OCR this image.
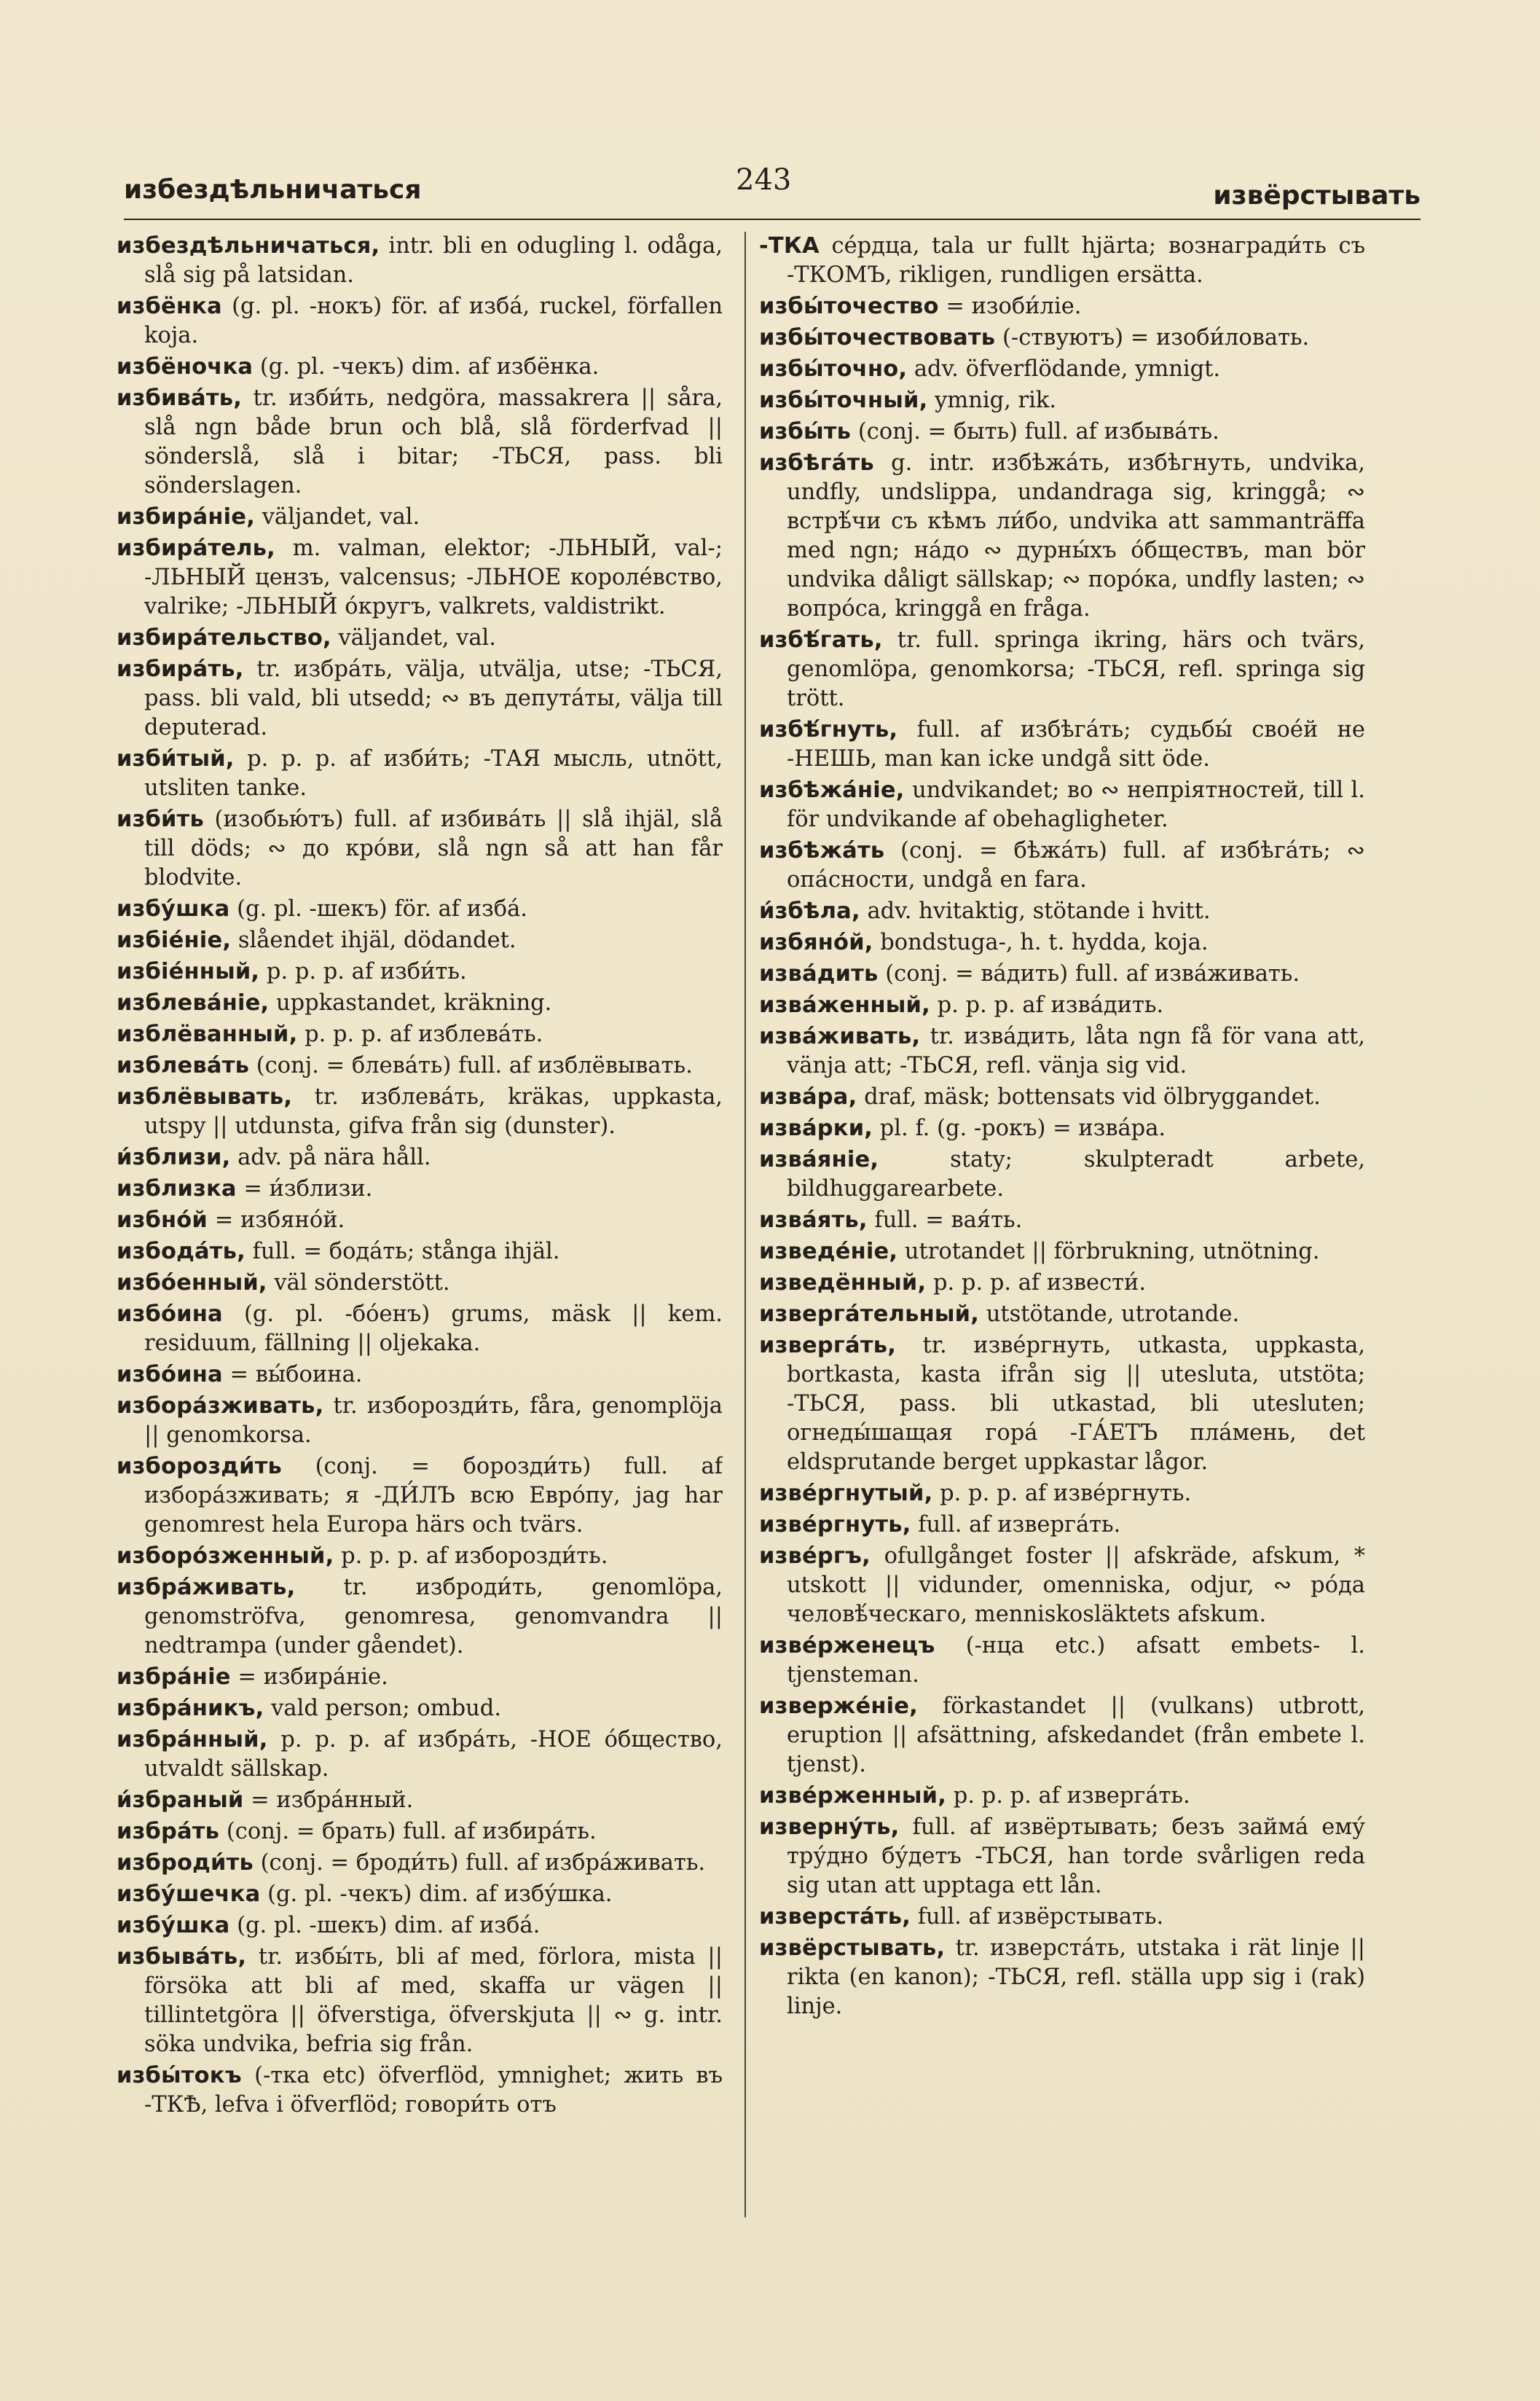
избездѣльничаться	243	извёрстывать

избездѣльничаться, intr. bli en odugling l. odåga, slå sig på latsidan.

избёнка (g. pl. -нокъ) för. af изба́, ruckel, förfallen koja.

избёночка (g. pl. -чекъ) dim. af избёнка.

избива́ть, tr. изби́ть, nedgöra, massakrera || såra, slå ngn både brun och blå, slå förderfvad || sönderslå, slå i bitar; -ТЬСЯ, pass. bli sönderslagen.

избира́ніе, väljandet, val.

избира́тель, m. valman, elektor; -ЛЬНЫЙ, val-; -ЛЬНЫЙ цензъ, valcensus; -ЛЬНОЕ короле́вство, valrike; -ЛЬНЫЙ о́кругъ, valkrets, valdistrikt.

избира́тельство, väljandet, val.

избира́ть, tr. избра́ть, välja, utvälja, utse; -ТЬСЯ, pass. bli vald, bli utsedd; ∾ въ депута́ты, välja till deputerad.

изби́тый, p. p. p. af изби́ть; -ТАЯ мысль, utnött, utsliten tanke.

изби́ть (изобью́тъ) full. af избива́ть || slå ihjäl, slå till döds; ∾ до кро́ви, slå ngn så att han får blodvite.

избу́шка (g. pl. -шекъ) för. af изба́.

избіе́ніе, slåendet ihjäl, dödandet.

избіе́нный, p. p. p. af изби́ть.

изблева́ніе, uppkastandet, kräkning.

изблёванный, p. p. p. af изблева́ть.

изблева́ть (conj. = блева́ть) full. af изблёвывать.

изблёвывать, tr. изблева́ть, kräkas, uppkasta, utspy || utdunsta, gifva från sig (dunster).

и́зблизи, adv. på nära håll.

изблизка = и́зблизи.

избно́й = избяно́й.

избода́ть, full. = бода́ть; stånga ihjäl.

избо́енный, väl sönderstött.

избо́ина (g. pl. -бо́енъ) grums, mäsk || kem. residuum, fällning || oljekaka.

избо́ина = вы́боина.

избора́зживать, tr. изборозди́ть, fåra, genomplöja || genomkorsa.

изборозди́ть (conj. = борозди́ть) full. af избора́зживать; я -ДИ́ЛЪ всю Евро́пу, jag har genomrest hela Europa härs och tvärs.

изборо́зженный, p. p. p. af изборозди́ть.

избра́живать, tr. изброди́ть, genomlöpa, genomströfva, genomresa, genomvandra || nedtrampa (under gåendet).

избра́ніе = избира́ніе.

избра́никъ, vald person; ombud.

избра́нный, p. p. p. af избра́ть, -НОЕ о́бщество, utvaldt sällskap.

и́збраный = избра́нный.

избра́ть (conj. = брать) full. af избира́ть.

изброди́ть (conj. = броди́ть) full. af избра́живать.

избу́шечка (g. pl. -чекъ) dim. af избу́шка.

избу́шка (g. pl. -шекъ) dim. af изба́.

избыва́ть, tr. избы́ть, bli af med, förlora, mista || försöka att bli af med, skaffa ur vägen || tillintetgöra || öfverstiga, öfverskjuta || ∾ g. intr. söka undvika, befria sig från.

избы́токъ (-тка etc) öfverflöd, ymnighet; жить въ -ТКѢ, lefva i öfverflöd; говори́ть отъ

-ТКА се́рдца, tala ur fullt hjärta; вознагради́ть съ -ТКОМЪ, rikligen, rundligen ersätta.

избы́точество = изоби́ліе.

избы́точествовать (-ствуютъ) = изоби́ловать.

избы́точно, adv. öfverflödande, ymnigt.

избы́точный, ymnig, rik.

избы́ть (conj. = быть) full. af избыва́ть.

избѣга́ть g. intr. избѣжа́ть, избѣгнуть, undvika, undfly, undslippa, undandraga sig, kringgå; ∾ встрѣ́чи съ кѣмъ ли́бо, undvika att sammanträffa med ngn; на́до ∾ дурны́хъ о́бществъ, man bör undvika dåligt sällskap; ∾ поро́ка, undfly lasten; ∾ вопро́са, kringgå en fråga.

избѣ́гать, tr. full. springa ikring, härs och tvärs, genomlöpa, genomkorsa; -ТЬСЯ, refl. springa sig trött.

избѣ́гнуть, full. af избѣга́ть; судьбы́ свое́й не -НЕШЬ, man kan icke undgå sitt öde.

избѣжа́ніе, undvikandet; во ∾ непріятностей, till l. för undvikande af obehagligheter.

избѣжа́ть (conj. = бѣжа́ть) full. af избѣга́ть; ∾ опа́сности, undgå en fara.

и́збѣла, adv. hvitaktig, stötande i hvitt.

избяно́й, bondstuga-, h. t. hydda, koja.

изва́дить (conj. = ва́дить) full. af изва́живать.

изва́женный, p. p. p. af изва́дить.

изва́живать, tr. изва́дить, låta ngn få för vana att, vänja att; -ТЬСЯ, refl. vänja sig vid.

изва́ра, draf, mäsk; bottensats vid ölbryggandet.

изва́рки, pl. f. (g. -рокъ) = изва́ра.

изва́яніе,	staty; skulpteradt arbete, bildhuggarearbete.

изва́ять, full. = вая́ть.

изведе́ніе, utrotandet || förbrukning, utnötning.

изведённый, p. p. p. af извести́.

изверга́тельный, utstötande, utrotande.

изверга́ть, tr. изве́ргнуть, utkasta, uppkasta, bortkasta, kasta ifrån sig || utesluta, utstöta; -ТЬСЯ, pass. bli utkastad, bli utesluten; огнеды́шащая гора́ -ГА́ЕТЪ пла́мень, det eldsprutande berget uppkastar lågor.

изве́ргнутый, p. p. p. af изве́ргнуть.

изве́ргнуть, full. af изверга́ть.

изве́ргъ, ofullgånget foster || afskräde, afskum, * utskott || vidunder, omenniska, odjur, ∾ ро́да человѣ́ческаго, menniskosläktets afskum.

изве́рженецъ (-нца etc.) afsatt embets- l. tjensteman.

изверже́ніе, förkastandet || (vulkans) utbrott, eruption || afsättning, afskedandet (från embete l. tjenst).

изве́рженный, p. p. p. af изверга́ть.

изверну́ть, full. af извёртывать; безъ займа́ ему́ тру́дно бу́детъ -ТЬСЯ, han torde svårligen reda sig utan att upptaga ett lån.

изверста́ть, full. af извёрстывать.

извёрстывать, tr. изверста́ть, utstaka i rät linje || rikta (en kanon); -ТЬСЯ, refl. ställa upp sig i (rak) linje.
